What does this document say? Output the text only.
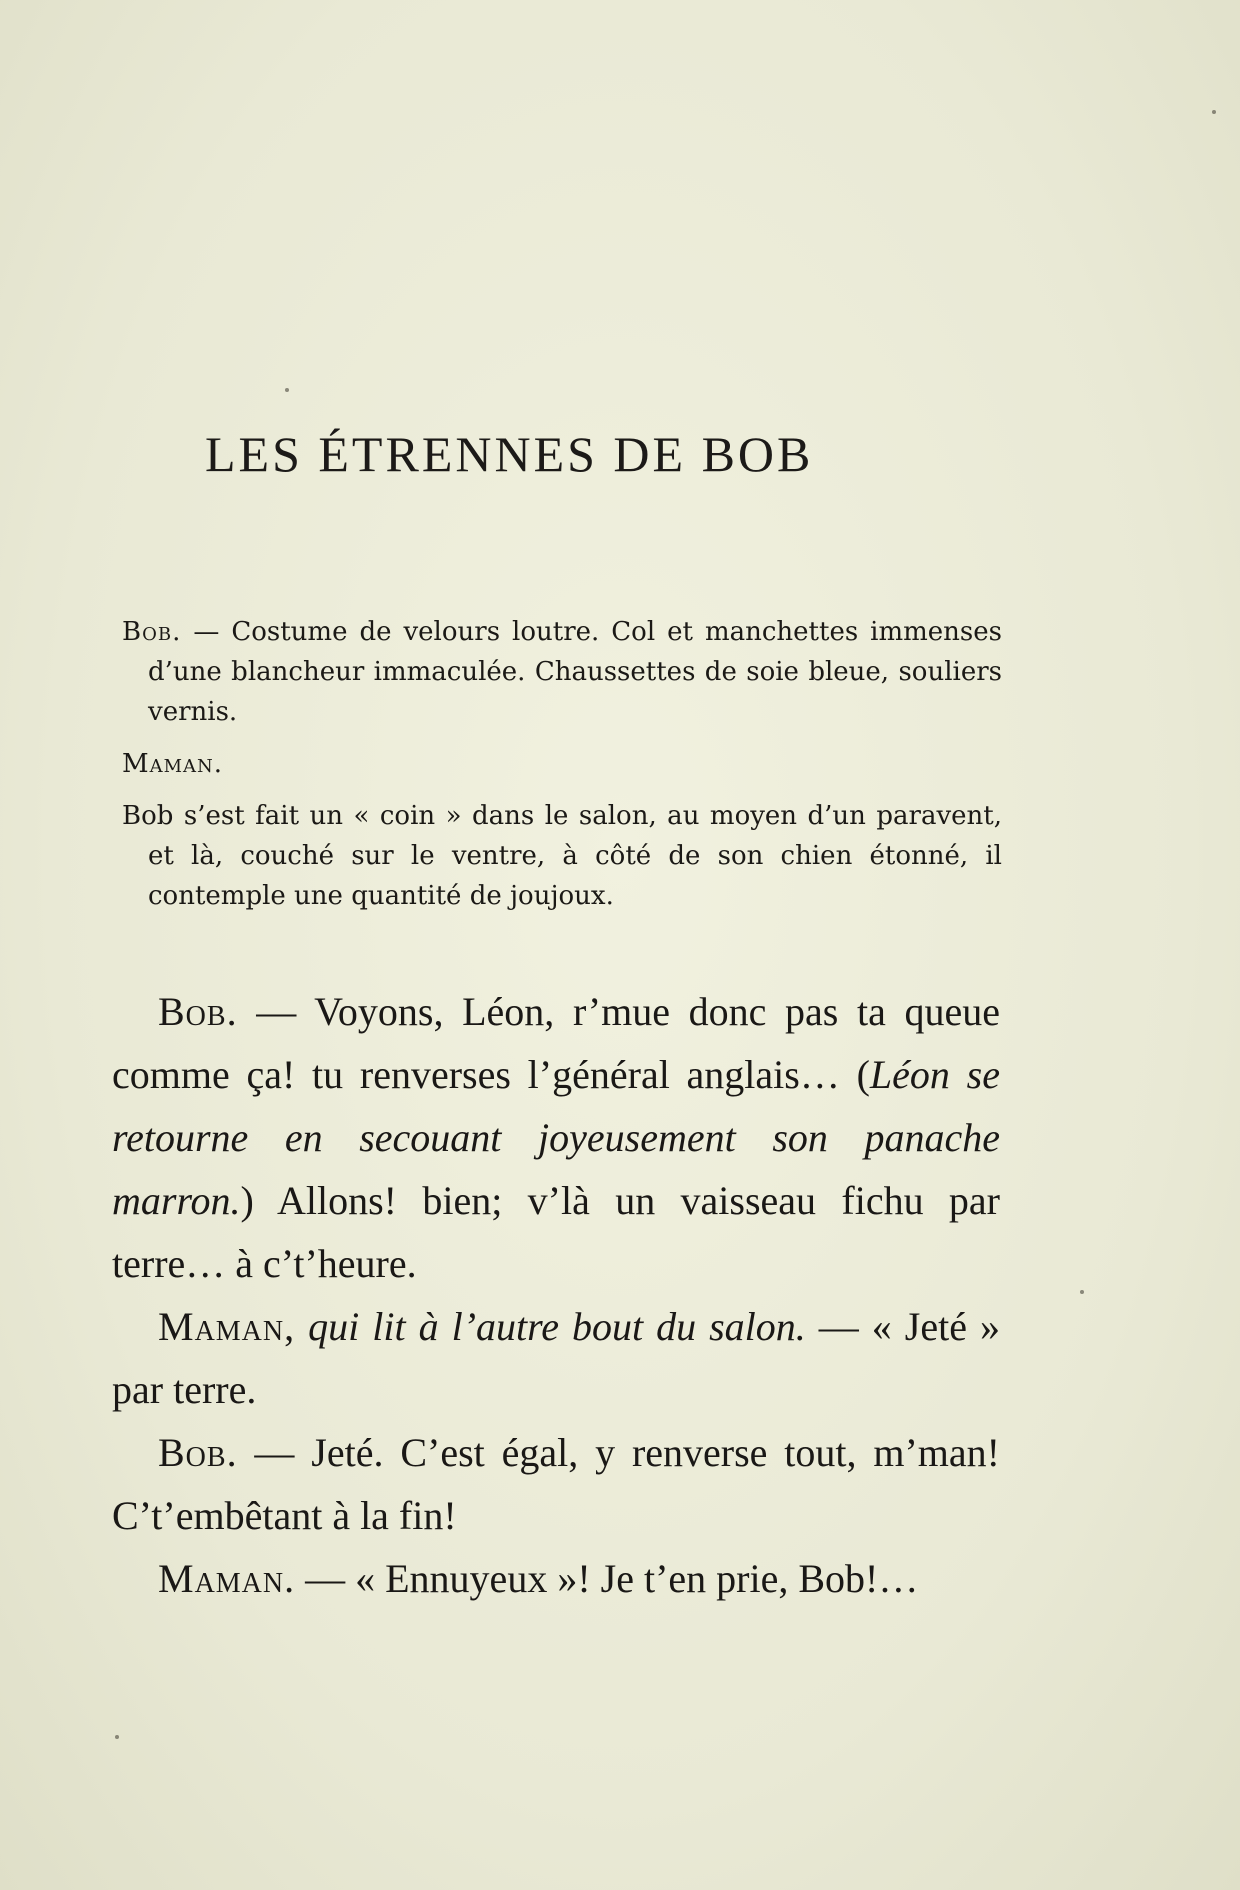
LES ÉTRENNES DE BOB

Bob. — Costume de velours loutre. Col et manchettes immenses d’une blancheur immaculée. Chaussettes de soie bleue, souliers vernis.

Maman.

Bob s’est fait un « coin » dans le salon, au moyen d’un paravent, et là, couché sur le ventre, à côté de son chien étonné, il contemple une quantité de joujoux.

Bob. — Voyons, Léon, r’mue donc pas ta queue comme ça! tu renverses l’général anglais… (Léon se retourne en secouant joyeusement son panache marron.) Allons! bien; v’là un vaisseau fichu par terre… à c’t’heure.

Maman, qui lit à l’autre bout du salon. — « Jeté » par terre.

Bob. — Jeté. C’est égal, y renverse tout, m’man! C’t’embêtant à la fin!

Maman. — « Ennuyeux »! Je t’en prie, Bob!…
